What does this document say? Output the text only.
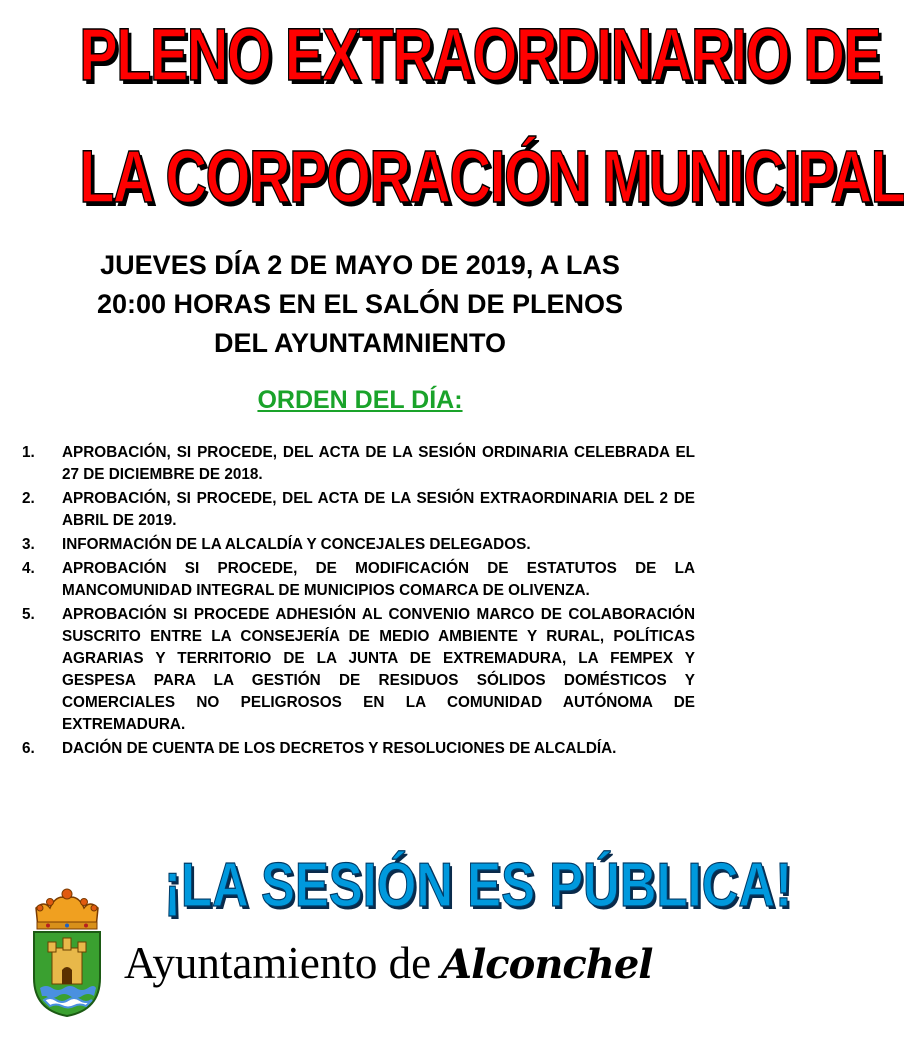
PLENO EXTRAORDINARIO DE
LA CORPORACIÓN MUNICIPAL
JUEVES DÍA 2 DE MAYO DE 2019, A LAS
20:00 HORAS EN EL SALÓN DE PLENOS
DEL AYUNTAMNIENTO
ORDEN DEL DÍA:
1.	APROBACIÓN, SI PROCEDE, DEL ACTA DE LA SESIÓN ORDINARIA CELEBRADA EL 27 DE DICIEMBRE DE 2018.
2.	APROBACIÓN, SI PROCEDE, DEL ACTA DE LA SESIÓN EXTRAORDINARIA DEL 2 DE ABRIL DE 2019.
3.	INFORMACIÓN DE LA ALCALDÍA Y CONCEJALES DELEGADOS.
4.	APROBACIÓN SI PROCEDE, DE MODIFICACIÓN DE ESTATUTOS DE LA MANCOMUNIDAD INTEGRAL DE MUNICIPIOS COMARCA DE OLIVENZA.
5.	APROBACIÓN SI PROCEDE ADHESIÓN AL CONVENIO MARCO DE COLABORACIÓN SUSCRITO ENTRE LA CONSEJERÍA DE MEDIO AMBIENTE Y RURAL, POLÍTICAS AGRARIAS Y TERRITORIO DE LA JUNTA DE EXTREMADURA, LA FEMPEX Y GESPESA PARA LA GESTIÓN DE RESIDUOS SÓLIDOS DOMÉSTICOS Y COMERCIALES NO PELIGROSOS EN LA COMUNIDAD AUTÓNOMA DE EXTREMADURA.
6.	DACIÓN DE CUENTA DE LOS DECRETOS Y RESOLUCIONES DE ALCALDÍA.
¡LA SESIÓN ES PÚBLICA!
Ayuntamiento de Alconchel
